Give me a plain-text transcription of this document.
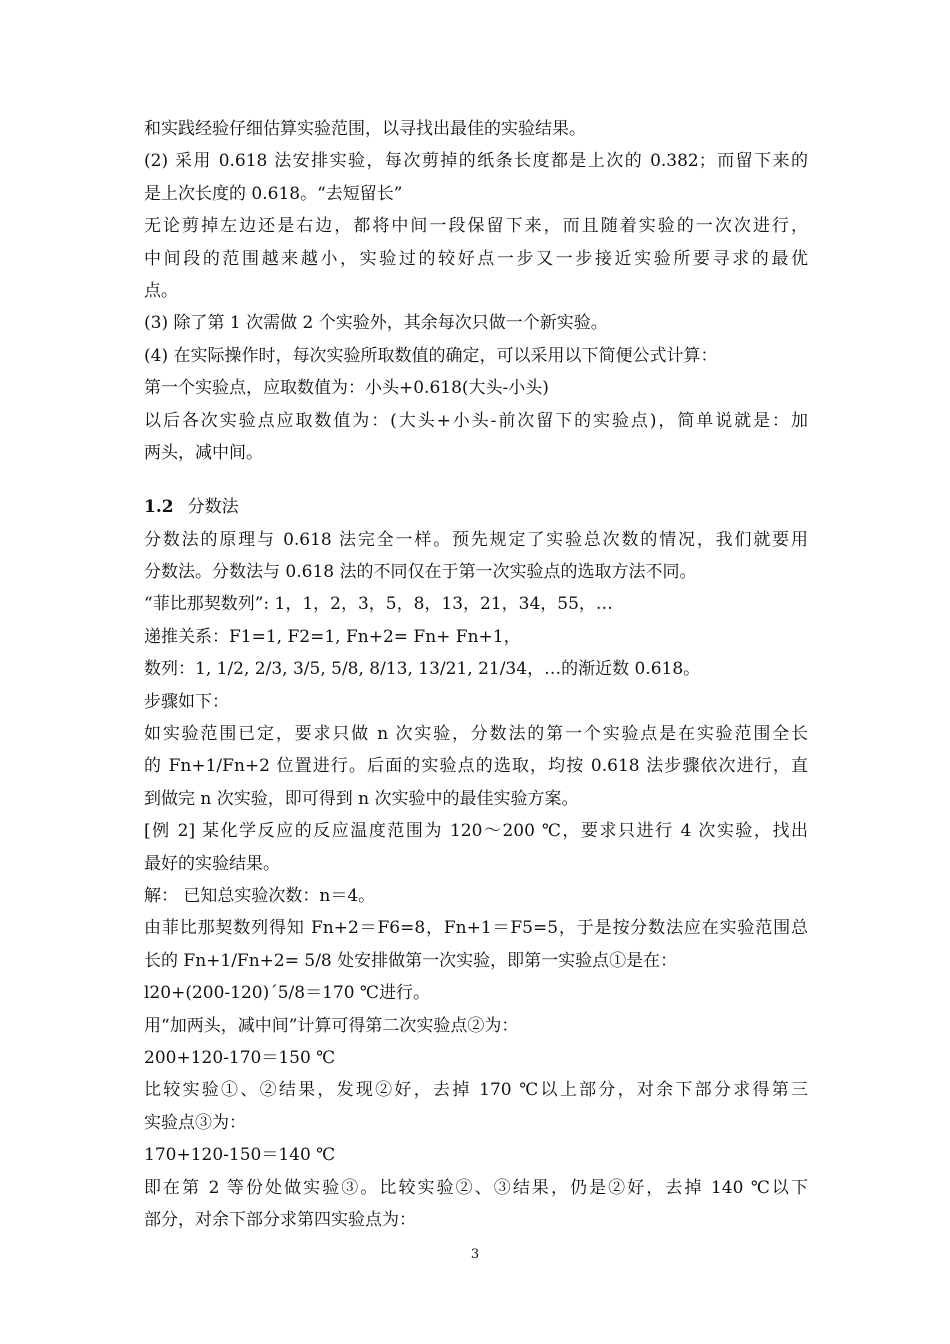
和实践经验仔细估算实验范围，以寻找出最佳的实验结果。
(2) 采用 0.618 法安排实验，每次剪掉的纸条长度都是上次的 0.382；而留下来的
是上次长度的 0.618。“去短留长”
无论剪掉左边还是右边，都将中间一段保留下来，而且随着实验的一次次进行，
中间段的范围越来越小，实验过的较好点一步又一步接近实验所要寻求的最优
点。
(3) 除了第 1 次需做 2 个实验外，其余每次只做一个新实验。
(4) 在实际操作时，每次实验所取数值的确定，可以采用以下简便公式计算：
第一个实验点，应取数值为：小头+0.618(大头-小头)
以后各次实验点应取数值为：(大头+小头-前次留下的实验点)，简单说就是：加
两头，减中间。
1.2 分数法
分数法的原理与 0.618 法完全一样。预先规定了实验总次数的情况，我们就要用
分数法。分数法与 0.618 法的不同仅在于第一次实验点的选取方法不同。
“菲比那契数列”: 1，1，2，3，5，8，13，21，34，55，…
递推关系：F1=1, F2=1, Fn+2= Fn+ Fn+1，
数列：1, 1/2, 2/3, 3/5, 5/8, 8/13, 13/21, 21/34，…的渐近数 0.618。
步骤如下：
如实验范围已定，要求只做 n 次实验，分数法的第一个实验点是在实验范围全长
的 Fn+1/Fn+2 位置进行。后面的实验点的选取，均按 0.618 法步骤依次进行，直
到做完 n 次实验，即可得到 n 次实验中的最佳实验方案。
[例 2] 某化学反应的反应温度范围为 120～200 ℃，要求只进行 4 次实验，找出
最好的实验结果。
解： 已知总实验次数：n＝4。
由菲比那契数列得知 Fn+2＝F6=8，Fn+1＝F5=5，于是按分数法应在实验范围总
长的 Fn+1/Fn+2= 5/8 处安排做第一次实验，即第一实验点①是在：
l20+(200-120)´5/8＝170 ℃进行。
用“加两头，减中间”计算可得第二次实验点②为：
200+120-170＝150 ℃
比较实验①、②结果，发现②好，去掉 170 ℃以上部分，对余下部分求得第三
实验点③为：
170+120-150＝140 ℃
即在第 2 等份处做实验③。比较实验②、③结果，仍是②好，去掉 140 ℃以下
部分，对余下部分求第四实验点为：
3
